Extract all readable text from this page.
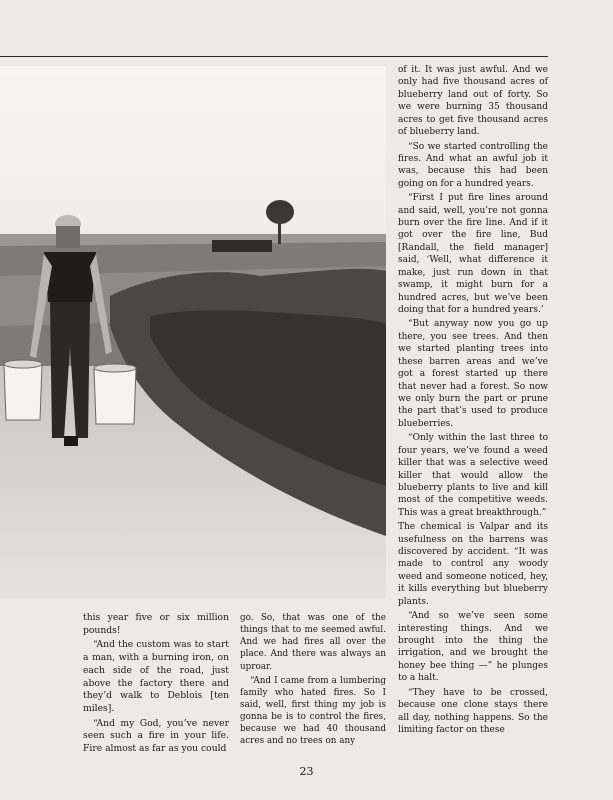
this year five or six million pounds!

“And the custom was to start a man, with a burning iron, on each side of the road, just above the factory there and they’d walk to Deblois [ten miles].

“And my God, you’ve never seen such a fire in your life. Fire almost as far as you could

go. So, that was one of the things that to me seemed awful. And we had fires all over the place. And there was always an uproar.

“And I came from a lumbering family who hated fires. So I said, well, first thing my job is gonna be is to control the fires, because we had 40 thousand acres and no trees on any

of it. It was just awful. And we only had five thousand acres of blueberry land out of forty. So we were burning 35 thousand acres to get five thousand acres of blueberry land.

“So we started controlling the fires. And what an awful job it was, because this had been going on for a hundred years.

“First I put fire lines around and said, well, you’re not gonna burn over the fire line. And if it got over the fire line, Bud [Randall, the field manager] said, ‘Well, what difference it make, just run down in that swamp, it might burn for a hundred acres, but we’ve been doing that for a hundred years.’

“But anyway now you go up there, you see trees. And then we started planting trees into these barren areas and we’ve got a forest started up there that never had a forest. So now we only burn the part or prune the part that’s used to produce blueberries.

“Only within the last three to four years, we’ve found a weed killer that was a selective weed killer that would allow the blueberry plants to live and kill most of the competitive weeds. This was a great breakthrough.”

The chemical is Valpar and its usefulness on the barrens was discovered by accident. “It was made to control any woody weed and someone noticed, hey, it kills everything but blueberry plants.

“And so we’ve seen some interesting things. And we brought into the thing the irrigation, and we brought the honey bee thing —” he plunges to a halt.

“They have to be crossed, because one clone stays there all day, nothing happens. So the limiting factor on these

23
